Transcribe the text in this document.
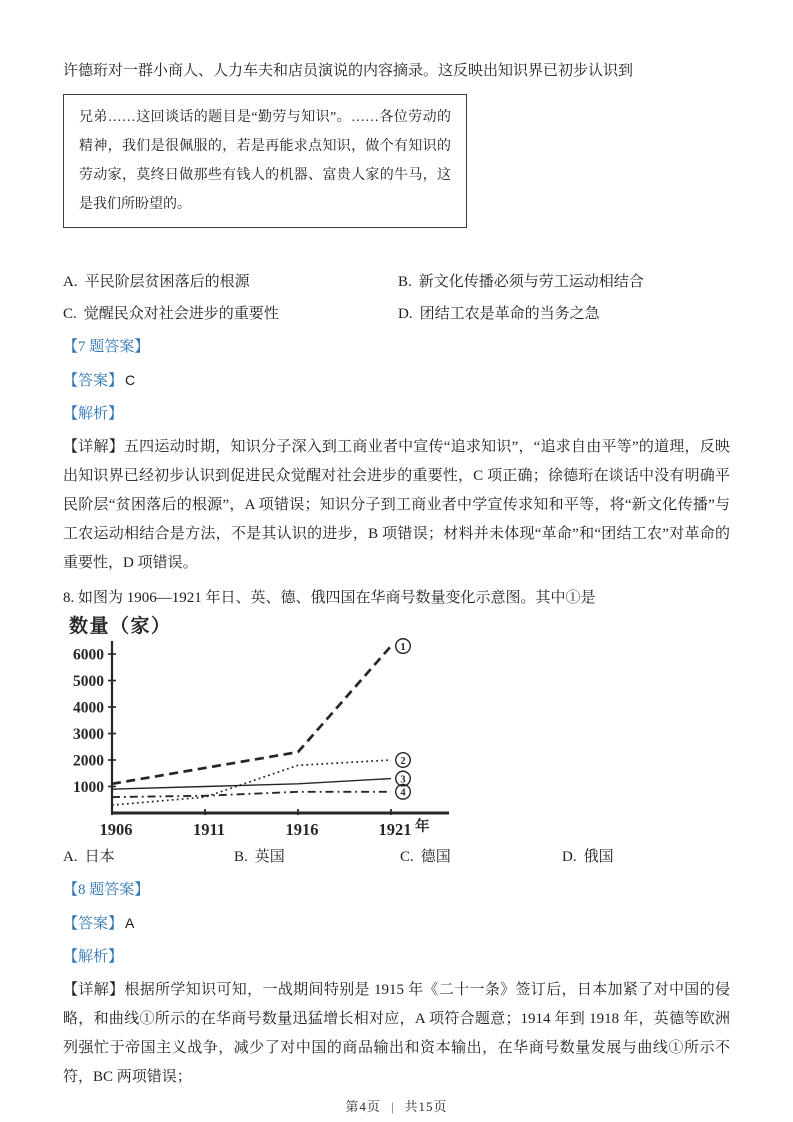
许德珩对一群小商人、人力车夫和店员演说的内容摘录。这反映出知识界已初步认识到

兄弟……这回谈话的题目是“勤劳与知识”。……各位劳动的精神，我们是很佩服的，若是再能求点知识，做个有知识的劳动家，莫终日做那些有钱人的机器、富贵人家的牛马，这是我们所盼望的。

A. 平民阶层贫困落后的根源	B. 新文化传播必须与劳工运动相结合

C. 觉醒民众对社会进步的重要性	D. 团结工农是革命的当务之急

【7 题答案】

【答案】 C

【解析】

【详解】五四运动时期，知识分子深入到工商业者中宣传“追求知识”，“追求自由平等”的道理，反映出知识界已经初步认识到促进民众觉醒对社会进步的重要性，C 项正确；徐德珩在谈话中没有明确平民阶层“贫困落后的根源”，A 项错误；知识分子到工商业者中学宣传求知和平等，将“新文化传播”与工农运动相结合是方法，不是其认识的进步，B 项错误；材料并未体现“革命”和“团结工农”对革命的重要性，D 项错误。

8. 如图为 1906—1921 年日、英、德、俄四国在华商号数量变化示意图。其中①是

数量（家）
1000
2000
3000
4000
5000
6000
1906	1911	1916	1921 年
1
2
3
4

A. 日本	B. 英国	C. 德国	D. 俄国

【8 题答案】

【答案】 A

【解析】

【详解】根据所学知识可知，一战期间特别是 1915 年《二十一条》签订后，日本加紧了对中国的侵略，和曲线①所示的在华商号数量迅猛增长相对应，A 项符合题意；1914 年到 1918 年，英德等欧洲列强忙于帝国主义战争，减少了对中国的商品输出和资本输出，在华商号数量发展与曲线①所示不符，BC 两项错误；

第4页 | 共15页
